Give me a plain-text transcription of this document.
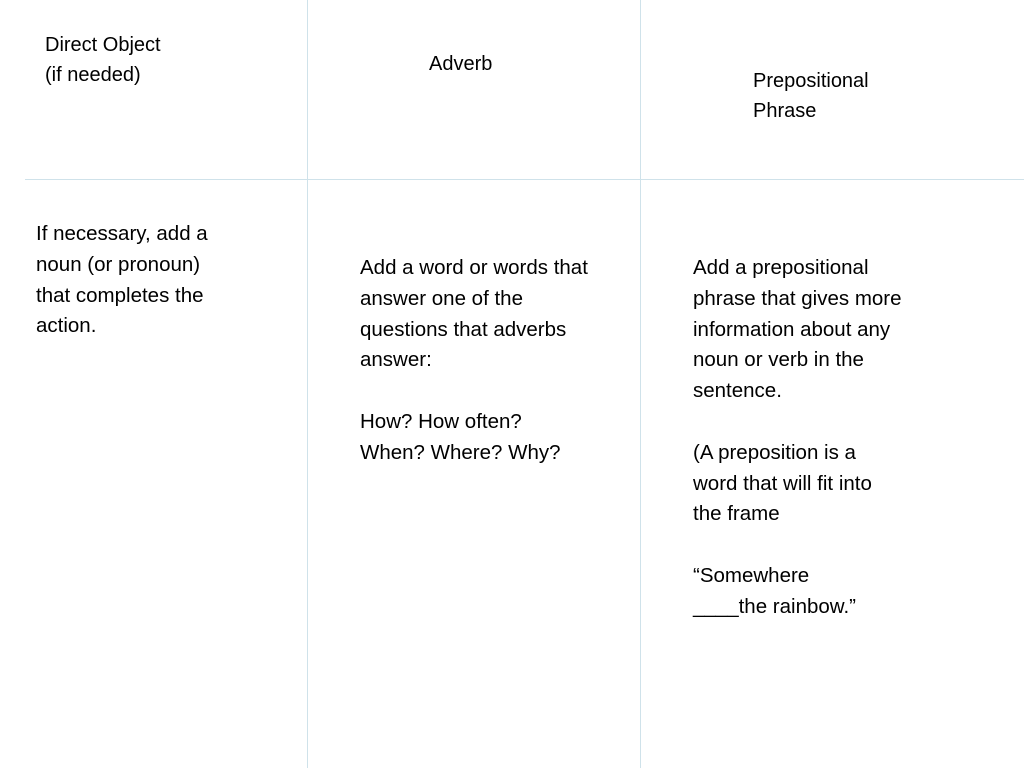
Direct Object
(if needed)	Adverb
Prepositional
Phrase
If necessary, add a
noun (or pronoun)
that completes the
action.
Add a word or words that
answer one of the
questions that adverbs
answer:
How? How often?
When? Where? Why?
Add a prepositional
phrase that gives more
information about any
noun or verb in the
sentence.
(A preposition is a
word that will fit into
the frame
“Somewhere
____the rainbow.”
